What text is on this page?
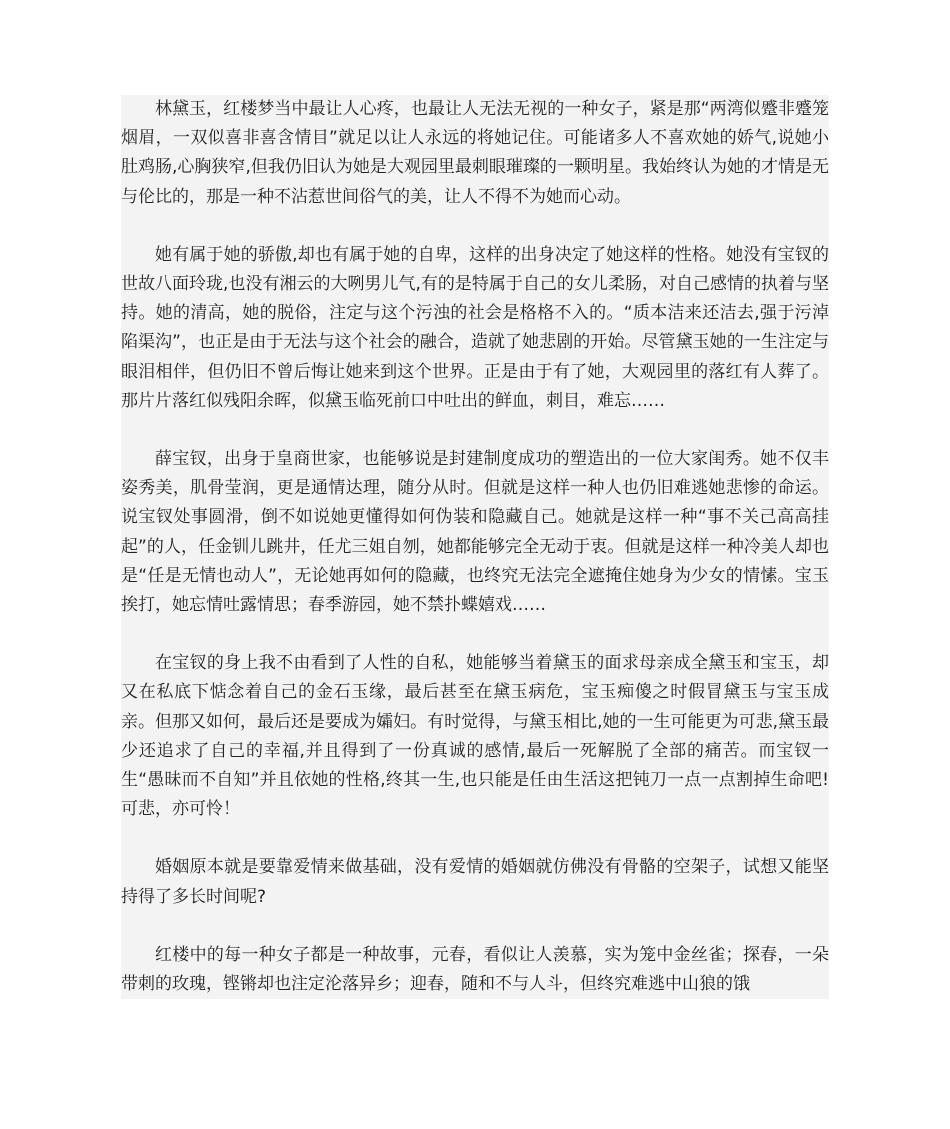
林黛玉，红楼梦当中最让人心疼，也最让人无法无视的一种女子，紧是那“两湾似蹙非蹙笼烟眉，一双似喜非喜含情目”就足以让人永远的将她记住。可能诸多人不喜欢她的娇气,说她小肚鸡肠,心胸狭窄,但我仍旧认为她是大观园里最刺眼璀璨的一颗明星。我始终认为她的才情是无与伦比的，那是一种不沾惹世间俗气的美，让人不得不为她而心动。

她有属于她的骄傲,却也有属于她的自卑，这样的出身决定了她这样的性格。她没有宝钗的世故八面玲珑,也没有湘云的大咧男儿气,有的是特属于自己的女儿柔肠，对自己感情的执着与坚持。她的清高，她的脱俗，注定与这个污浊的社会是格格不入的。“质本洁来还洁去,强于污淖陷渠沟”，也正是由于无法与这个社会的融合，造就了她悲剧的开始。尽管黛玉她的一生注定与眼泪相伴，但仍旧不曾后悔让她来到这个世界。正是由于有了她，大观园里的落红有人葬了。那片片落红似残阳余晖，似黛玉临死前口中吐出的鲜血，刺目，难忘……

薛宝钗，出身于皇商世家，也能够说是封建制度成功的塑造出的一位大家闺秀。她不仅丰姿秀美，肌骨莹润，更是通情达理，随分从时。但就是这样一种人也仍旧难逃她悲惨的命运。说宝钗处事圆滑，倒不如说她更懂得如何伪装和隐藏自己。她就是这样一种“事不关己高高挂起”的人，任金钏儿跳井，任尤三姐自刎，她都能够完全无动于衷。但就是这样一种冷美人却也是“任是无情也动人”，无论她再如何的隐藏，也终究无法完全遮掩住她身为少女的情愫。宝玉挨打，她忘情吐露情思；春季游园，她不禁扑蝶嬉戏……

在宝钗的身上我不由看到了人性的自私，她能够当着黛玉的面求母亲成全黛玉和宝玉，却又在私底下惦念着自己的金石玉缘，最后甚至在黛玉病危，宝玉痴傻之时假冒黛玉与宝玉成亲。但那又如何，最后还是要成为孀妇。有时觉得，与黛玉相比,她的一生可能更为可悲,黛玉最少还追求了自己的幸福,并且得到了一份真诚的感情,最后一死解脱了全部的痛苦。而宝钗一生“愚昧而不自知”并且依她的性格,终其一生,也只能是任由生活这把钝刀一点一点割掉生命吧!可悲，亦可怜！

婚姻原本就是要靠爱情来做基础，没有爱情的婚姻就仿佛没有骨骼的空架子，试想又能坚持得了多长时间呢?

红楼中的每一种女子都是一种故事，元春，看似让人羡慕，实为笼中金丝雀；探春，一朵带刺的玫瑰，铿锵却也注定沦落异乡；迎春，随和不与人斗，但终究难逃中山狼的饿
